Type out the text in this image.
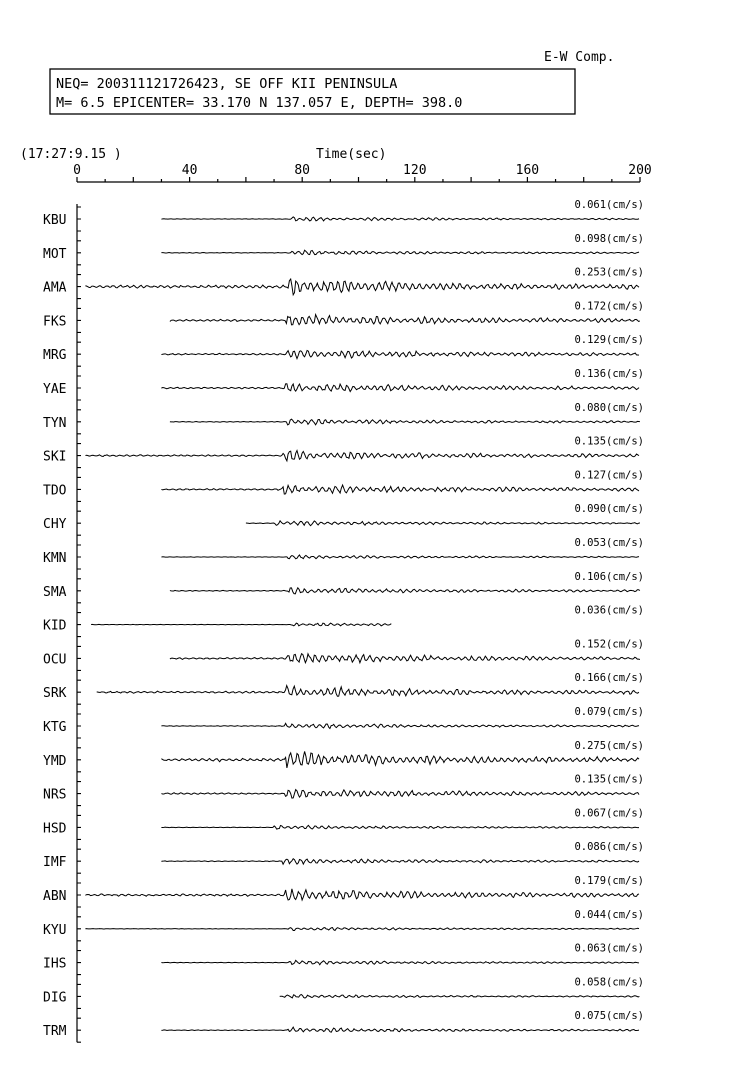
E-W Comp.
NEQ= 200311121726423, SE OFF KII PENINSULA
M= 6.5 EPICENTER= 33.170 N 137.057 E, DEPTH= 398.0
(17:27:9.15 )	Time(sec)
0	40	80	120	160	200
KBU
0.061(cm/s)
MOT
0.098(cm/s)
AMA
0.253(cm/s)
FKS
0.172(cm/s)
MRG
0.129(cm/s)
YAE
0.136(cm/s)
TYN
0.080(cm/s)
SKI
0.135(cm/s)
TDO
0.127(cm/s)
CHY
0.090(cm/s)
KMN
0.053(cm/s)
SMA
0.106(cm/s)
KID
0.036(cm/s)
OCU
0.152(cm/s)
SRK
0.166(cm/s)
KTG
0.079(cm/s)
YMD
0.275(cm/s)
NRS
0.135(cm/s)
HSD
0.067(cm/s)
IMF
0.086(cm/s)
ABN
0.179(cm/s)
KYU
0.044(cm/s)
IHS
0.063(cm/s)
DIG
0.058(cm/s)
TRM
0.075(cm/s)
